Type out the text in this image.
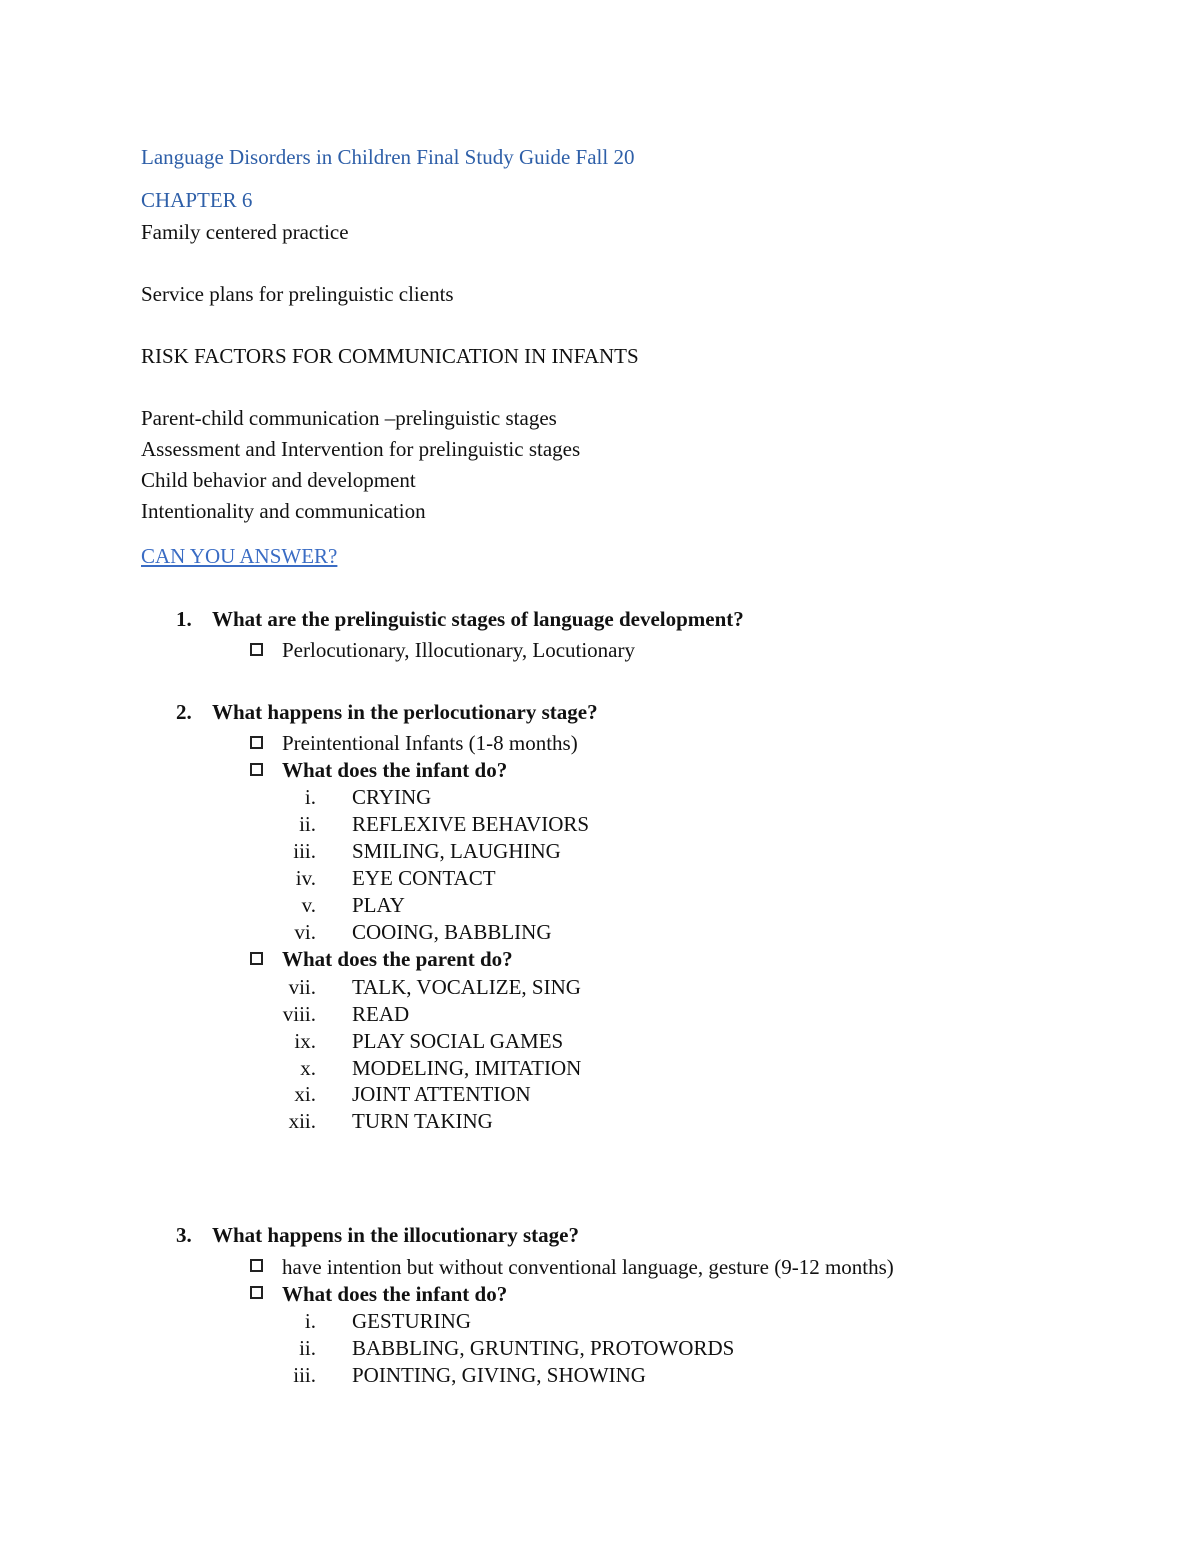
Language Disorders in Children Final Study Guide Fall 20
CHAPTER 6
Family centered practice
Service plans for prelinguistic clients
RISK FACTORS FOR COMMUNICATION IN INFANTS
Parent-child communication –prelinguistic stages
Assessment and Intervention for prelinguistic stages
Child behavior and development
Intentionality and communication
CAN YOU ANSWER?
1. What are the prelinguistic stages of language development?
Perlocutionary, Illocutionary, Locutionary
2. What happens in the perlocutionary stage?
Preintentional Infants (1-8 months)
What does the infant do?
i. CRYING
ii. REFLEXIVE BEHAVIORS
iii. SMILING, LAUGHING
iv. EYE CONTACT
v. PLAY
vi. COOING, BABBLING
What does the parent do?
vii. TALK, VOCALIZE, SING
viii. READ
ix. PLAY SOCIAL GAMES
x. MODELING, IMITATION
xi. JOINT ATTENTION
xii. TURN TAKING
3. What happens in the illocutionary stage?
have intention but without conventional language, gesture (9-12 months)
What does the infant do?
i. GESTURING
ii. BABBLING, GRUNTING, PROTOWORDS
iii. POINTING, GIVING, SHOWING
